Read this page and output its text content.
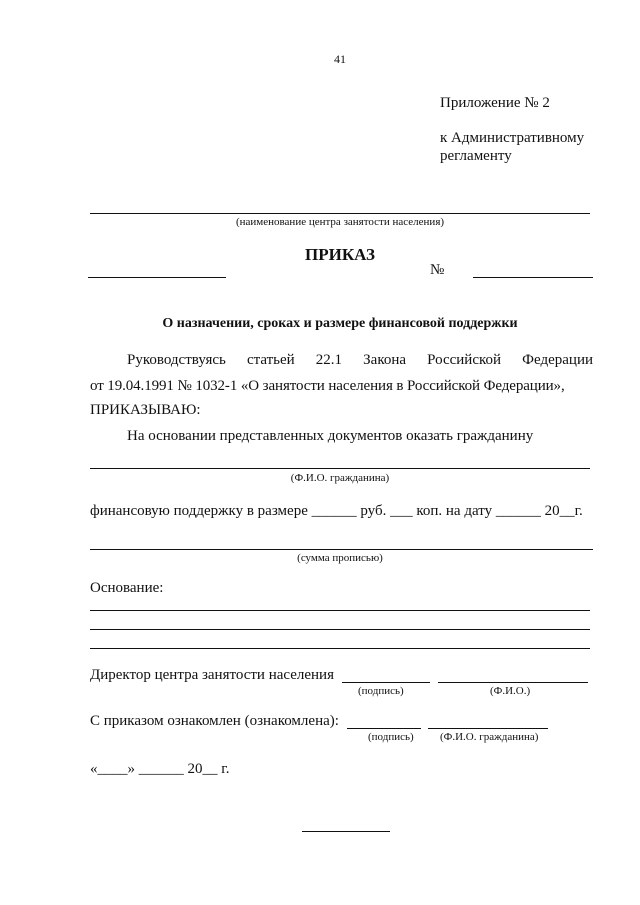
41
Приложение № 2
к Административному
регламенту
(наименование центра занятости населения)
ПРИКАЗ
№
О назначении, сроках и размере финансовой поддержки
Руководствуясь статьей 22.1 Закона Российской Федерации
от 19.04.1991 № 1032-1 «О занятости населения в Российской Федерации»,
ПРИКАЗЫВАЮ:
На основании представленных документов оказать гражданину
(Ф.И.О. гражданина)
финансовую поддержку в размере ______ руб. ___ коп. на дату ______ 20__г.
(сумма прописью)
Основание:
Директор центра занятости населения
(подпись)	(Ф.И.О.)
С приказом ознакомлен (ознакомлена):
(подпись) (Ф.И.О. гражданина)
«____» ______ 20__ г.
